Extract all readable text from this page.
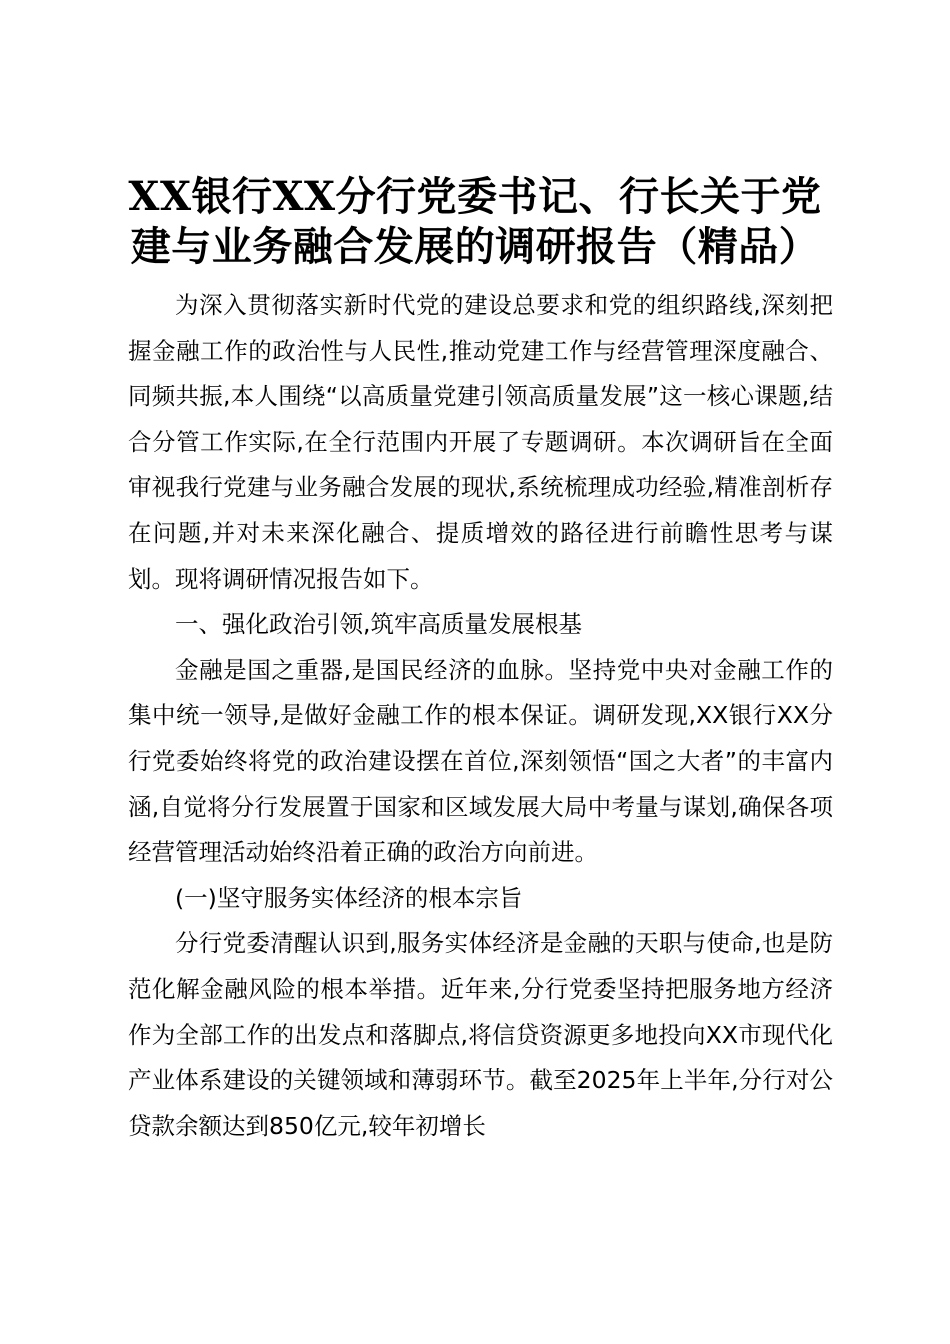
XX银行XX分行党委书记、行长关于党
建与业务融合发展的调研报告（精品）

为深入贯彻落实新时代党的建设总要求和党的组织路线,深刻把握金融工作的政治性与人民性,推动党建工作与经营管理深度融合、同频共振,本人围绕“以高质量党建引领高质量发展”这一核心课题,结合分管工作实际,在全行范围内开展了专题调研。本次调研旨在全面审视我行党建与业务融合发展的现状,系统梳理成功经验,精准剖析存在问题,并对未来深化融合、提质增效的路径进行前瞻性思考与谋划。现将调研情况报告如下。

一、强化政治引领,筑牢高质量发展根基

金融是国之重器,是国民经济的血脉。坚持党中央对金融工作的集中统一领导,是做好金融工作的根本保证。调研发现,XX银行XX分行党委始终将党的政治建设摆在首位,深刻领悟“国之大者”的丰富内涵,自觉将分行发展置于国家和区域发展大局中考量与谋划,确保各项经营管理活动始终沿着正确的政治方向前进。

(一)坚守服务实体经济的根本宗旨

分行党委清醒认识到,服务实体经济是金融的天职与使命,也是防范化解金融风险的根本举措。近年来,分行党委坚持把服务地方经济作为全部工作的出发点和落脚点,将信贷资源更多地投向XX市现代化产业体系建设的关键领域和薄弱环节。截至2025年上半年,分行对公贷款余额达到850亿元,较年初增长
